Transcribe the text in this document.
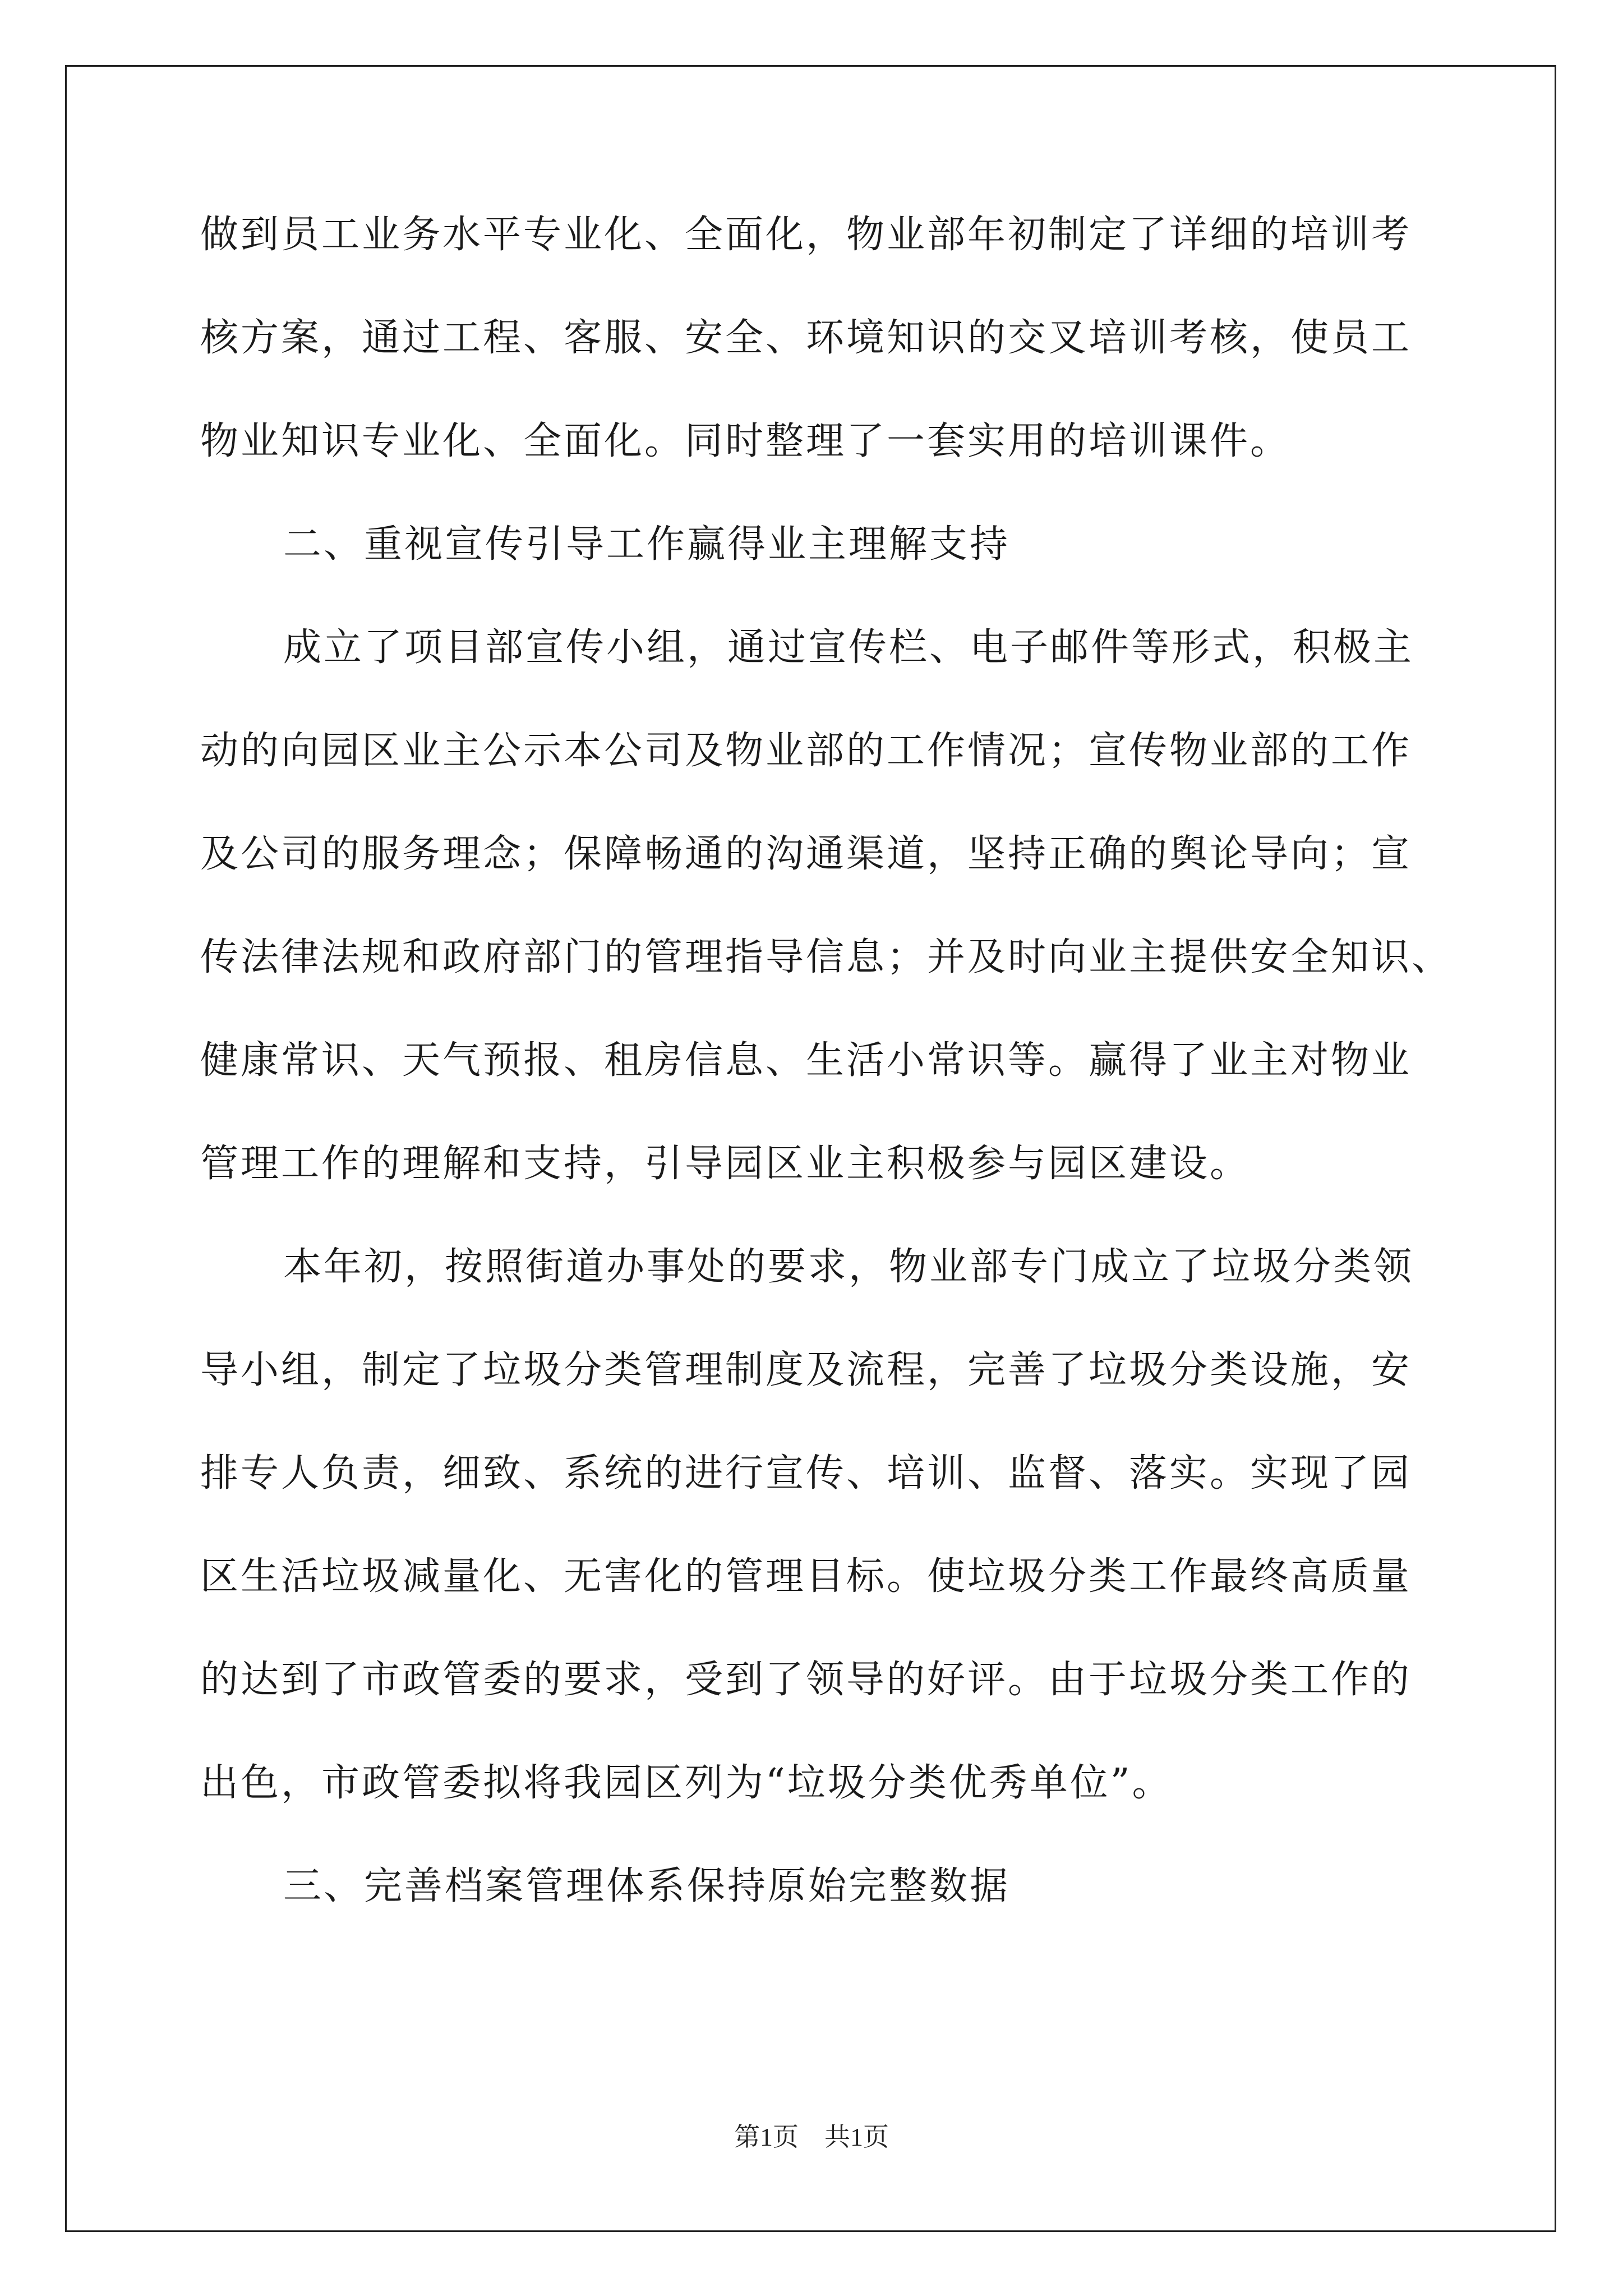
做到员工业务水平专业化、全面化，物业部年初制定了详细的培训考
核方案，通过工程、客服、安全、环境知识的交叉培训考核，使员工
物业知识专业化、全面化。同时整理了一套实用的培训课件。
二、重视宣传引导工作赢得业主理解支持
成立了项目部宣传小组，通过宣传栏、电子邮件等形式，积极主
动的向园区业主公示本公司及物业部的工作情况；宣传物业部的工作
及公司的服务理念；保障畅通的沟通渠道，坚持正确的舆论导向；宣
传法律法规和政府部门的管理指导信息；并及时向业主提供安全知识、
健康常识、天气预报、租房信息、生活小常识等。赢得了业主对物业
管理工作的理解和支持，引导园区业主积极参与园区建设。
本年初，按照街道办事处的要求，物业部专门成立了垃圾分类领
导小组，制定了垃圾分类管理制度及流程，完善了垃圾分类设施，安
排专人负责，细致、系统的进行宣传、培训、监督、落实。实现了园
区生活垃圾减量化、无害化的管理目标。使垃圾分类工作最终高质量
的达到了市政管委的要求，受到了领导的好评。由于垃圾分类工作的
出色，市政管委拟将我园区列为“垃圾分类优秀单位”。
三、完善档案管理体系保持原始完整数据
第1页　共1页
